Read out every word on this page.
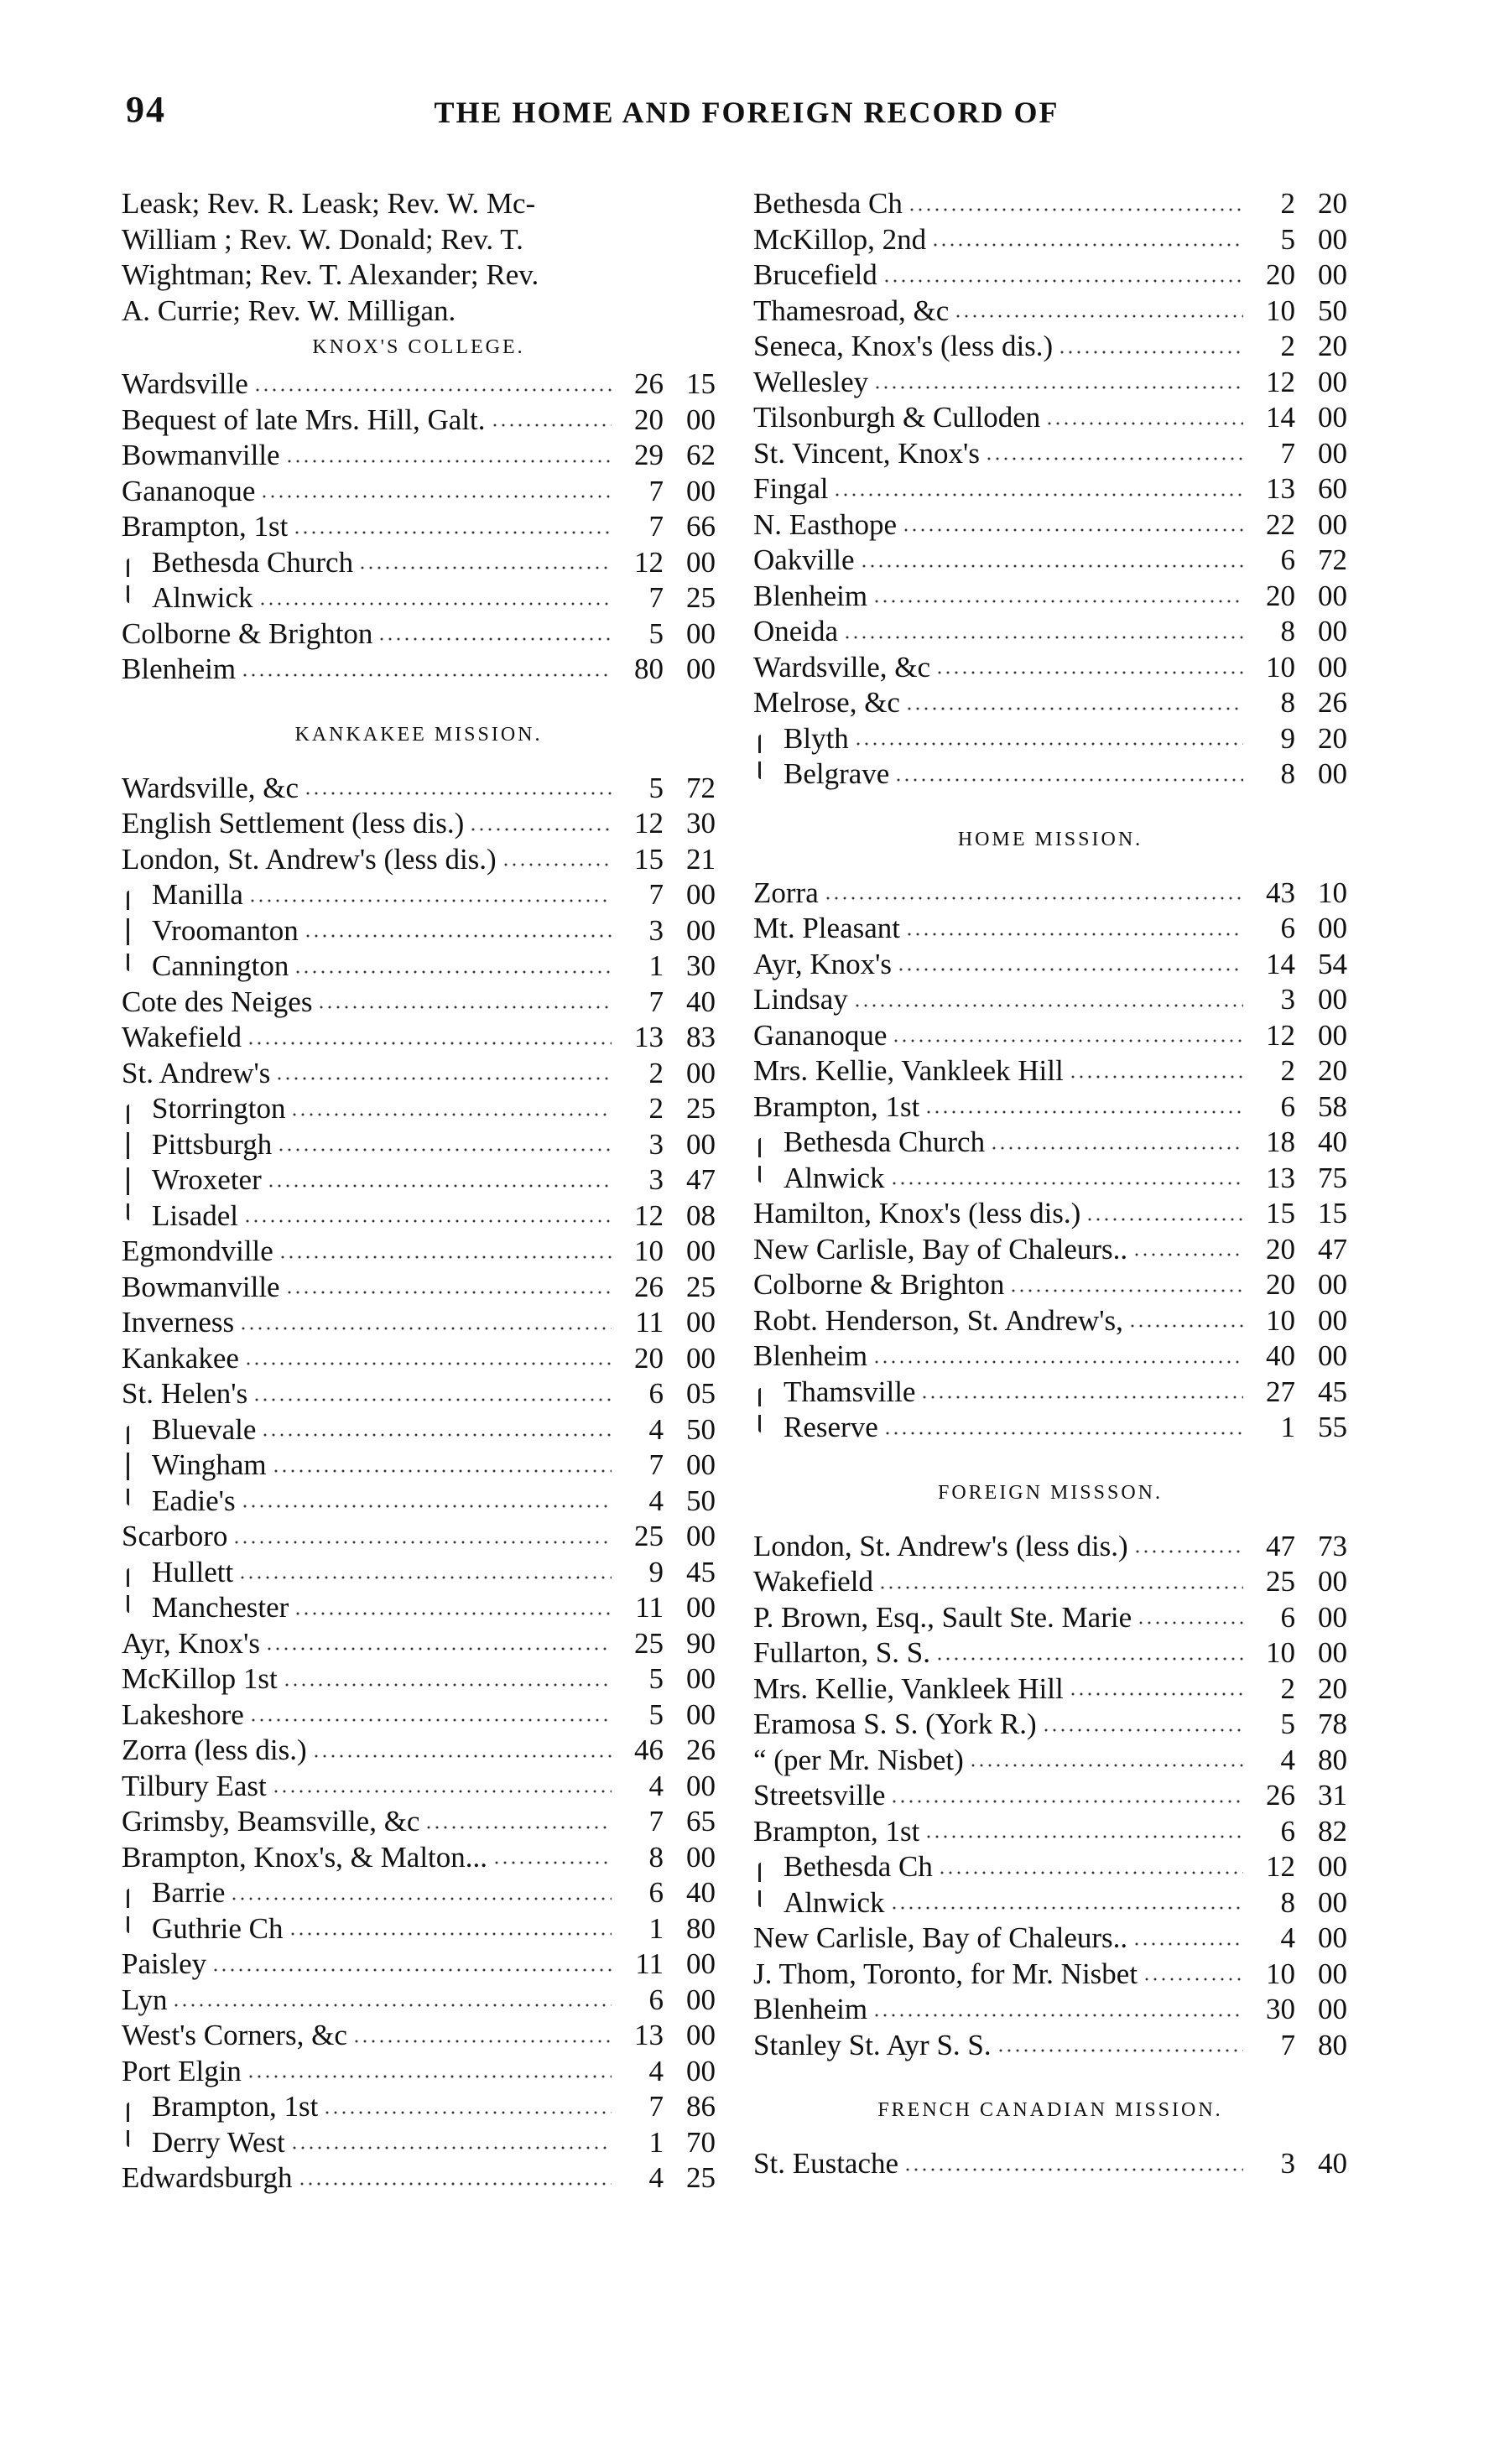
94	THE HOME AND FOREIGN RECORD OF
Leask; Rev. R. Leask; Rev. W. Mc-
William ; Rev. W. Donald; Rev. T.
Wightman; Rev. T. Alexander; Rev.
A. Currie; Rev. W. Milligan.
KNOX'S COLLEGE.
Wardsville	26 15
Bequest of late Mrs. Hill, Galt.	20 00
Bowmanville	29 62
Gananoque	7 00
Brampton, 1st	7 66
Bethesda Church	12 00
Alnwick	7 25
Colborne & Brighton	5 00
Blenheim	80 00
KANKAKEE MISSION.
Wardsville, &c	5 72
English Settlement (less dis.)	12 30
London, St. Andrew's (less dis.)	15 21
Manilla	7 00
Vroomanton	3 00
Cannington	1 30
Cote des Neiges	7 40
Wakefield	13 83
St. Andrew's	2 00
Storrington	2 25
Pittsburgh	3 00
Wroxeter	3 47
Lisadel	12 08
Egmondville	10 00
Bowmanville	26 25
Inverness	11 00
Kankakee	20 00
St. Helen's	6 05
Bluevale	4 50
Wingham	7 00
Eadie's	4 50
Scarboro	25 00
Hullett	9 45
Manchester	11 00
Ayr, Knox's	25 90
McKillop 1st	5 00
Lakeshore	5 00
Zorra (less dis.)	46 26
Tilbury East	4 00
Grimsby, Beamsville, &c	7 65
Brampton, Knox's, & Malton...	8 00
Barrie	6 40
Guthrie Ch	1 80
Paisley	11 00
Lyn	6 00
West's Corners, &c	13 00
Port Elgin	4 00
Brampton, 1st	7 86
Derry West	1 70
Edwardsburgh	4 25
Bethesda Ch	2 20
McKillop, 2nd	5 00
Brucefield	20 00
Thamesroad, &c	10 50
Seneca, Knox's (less dis.)	2 20
Wellesley	12 00
Tilsonburgh & Culloden	14 00
St. Vincent, Knox's	7 00
Fingal	13 60
N. Easthope	22 00
Oakville	6 72
Blenheim	20 00
Oneida	8 00
Wardsville, &c	10 00
Melrose, &c	8 26
Blyth	9 20
Belgrave	8 00
HOME MISSION.
Zorra	43 10
Mt. Pleasant	6 00
Ayr, Knox's	14 54
Lindsay	3 00
Gananoque	12 00
Mrs. Kellie, Vankleek Hill	2 20
Brampton, 1st	6 58
Bethesda Church	18 40
Alnwick	13 75
Hamilton, Knox's (less dis.)	15 15
New Carlisle, Bay of Chaleurs..	20 47
Colborne & Brighton	20 00
Robt. Henderson, St. Andrew's,	10 00
Blenheim	40 00
Thamsville	27 45
Reserve	1 55
FOREIGN MISSSON.
London, St. Andrew's (less dis.)	47 73
Wakefield	25 00
P. Brown, Esq., Sault Ste. Marie	6 00
Fullarton, S. S.	10 00
Mrs. Kellie, Vankleek Hill	2 20
Eramosa S. S. (York R.)	5 78
“ (per Mr. Nisbet)	4 80
Streetsville	26 31
Brampton, 1st	6 82
Bethesda Ch	12 00
Alnwick	8 00
New Carlisle, Bay of Chaleurs..	4 00
J. Thom, Toronto, for Mr. Nisbet	10 00
Blenheim	30 00
Stanley St. Ayr S. S.	7 80
FRENCH CANADIAN MISSION.
St. Eustache	3 40
